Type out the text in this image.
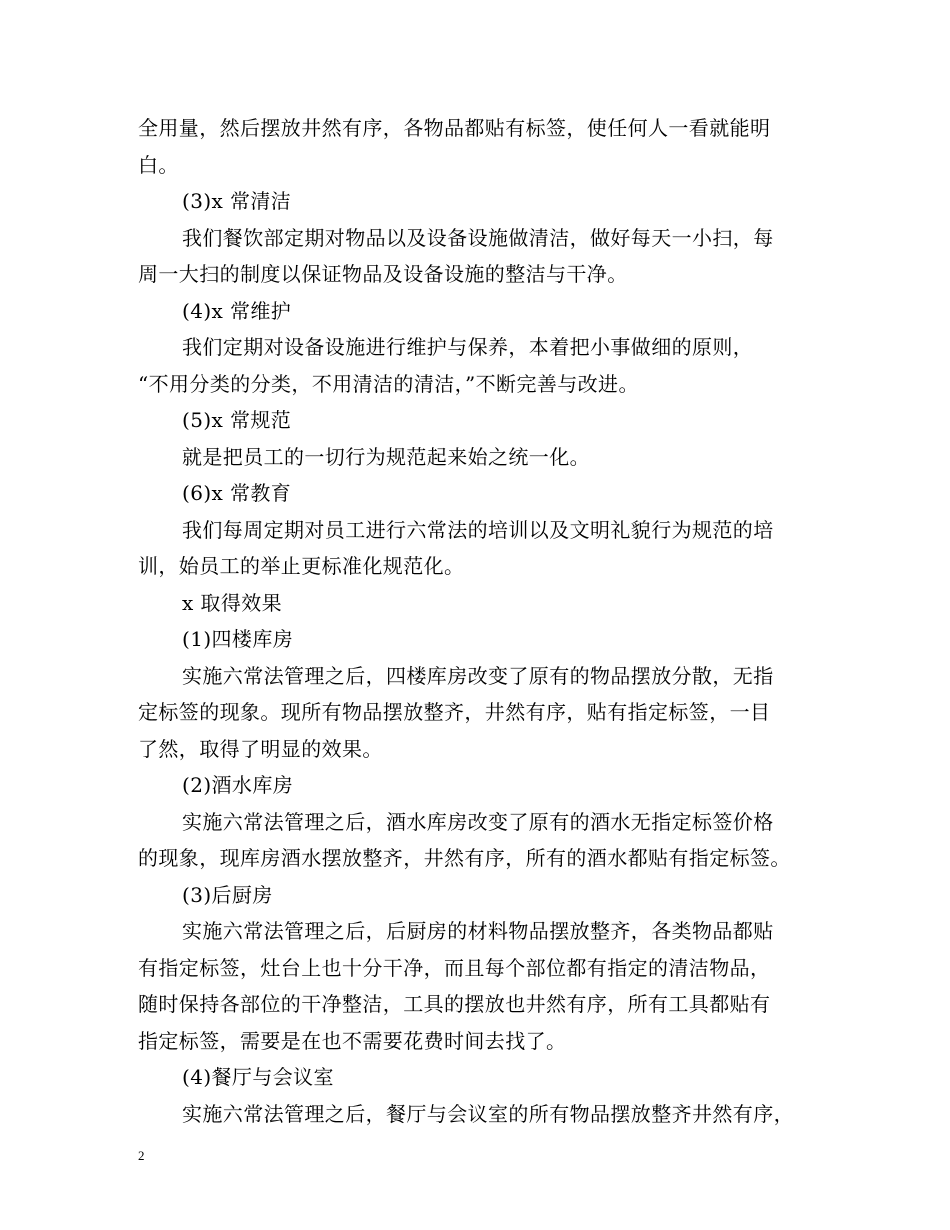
全用量，然后摆放井然有序，各物品都贴有标签，使任何人一看就能明
白。
(3)x 常清洁
我们餐饮部定期对物品以及设备设施做清洁，做好每天一小扫，每
周一大扫的制度以保证物品及设备设施的整洁与干净。
(4)x 常维护
我们定期对设备设施进行维护与保养，本着把小事做细的原则，
“不用分类的分类，不用清洁的清洁，”不断完善与改进。
(5)x 常规范
就是把员工的一切行为规范起来始之统一化。
(6)x 常教育
我们每周定期对员工进行六常法的培训以及文明礼貌行为规范的培
训，始员工的举止更标准化规范化。
x 取得效果
(1)四楼库房
实施六常法管理之后，四楼库房改变了原有的物品摆放分散，无指
定标签的现象。现所有物品摆放整齐，井然有序，贴有指定标签，一目
了然，取得了明显的效果。
(2)酒水库房
实施六常法管理之后，酒水库房改变了原有的酒水无指定标签价格
的现象，现库房酒水摆放整齐，井然有序，所有的酒水都贴有指定标签。
(3)后厨房
实施六常法管理之后，后厨房的材料物品摆放整齐，各类物品都贴
有指定标签，灶台上也十分干净，而且每个部位都有指定的清洁物品，
随时保持各部位的干净整洁，工具的摆放也井然有序，所有工具都贴有
指定标签，需要是在也不需要花费时间去找了。
(4)餐厅与会议室
实施六常法管理之后，餐厅与会议室的所有物品摆放整齐井然有序，
2
